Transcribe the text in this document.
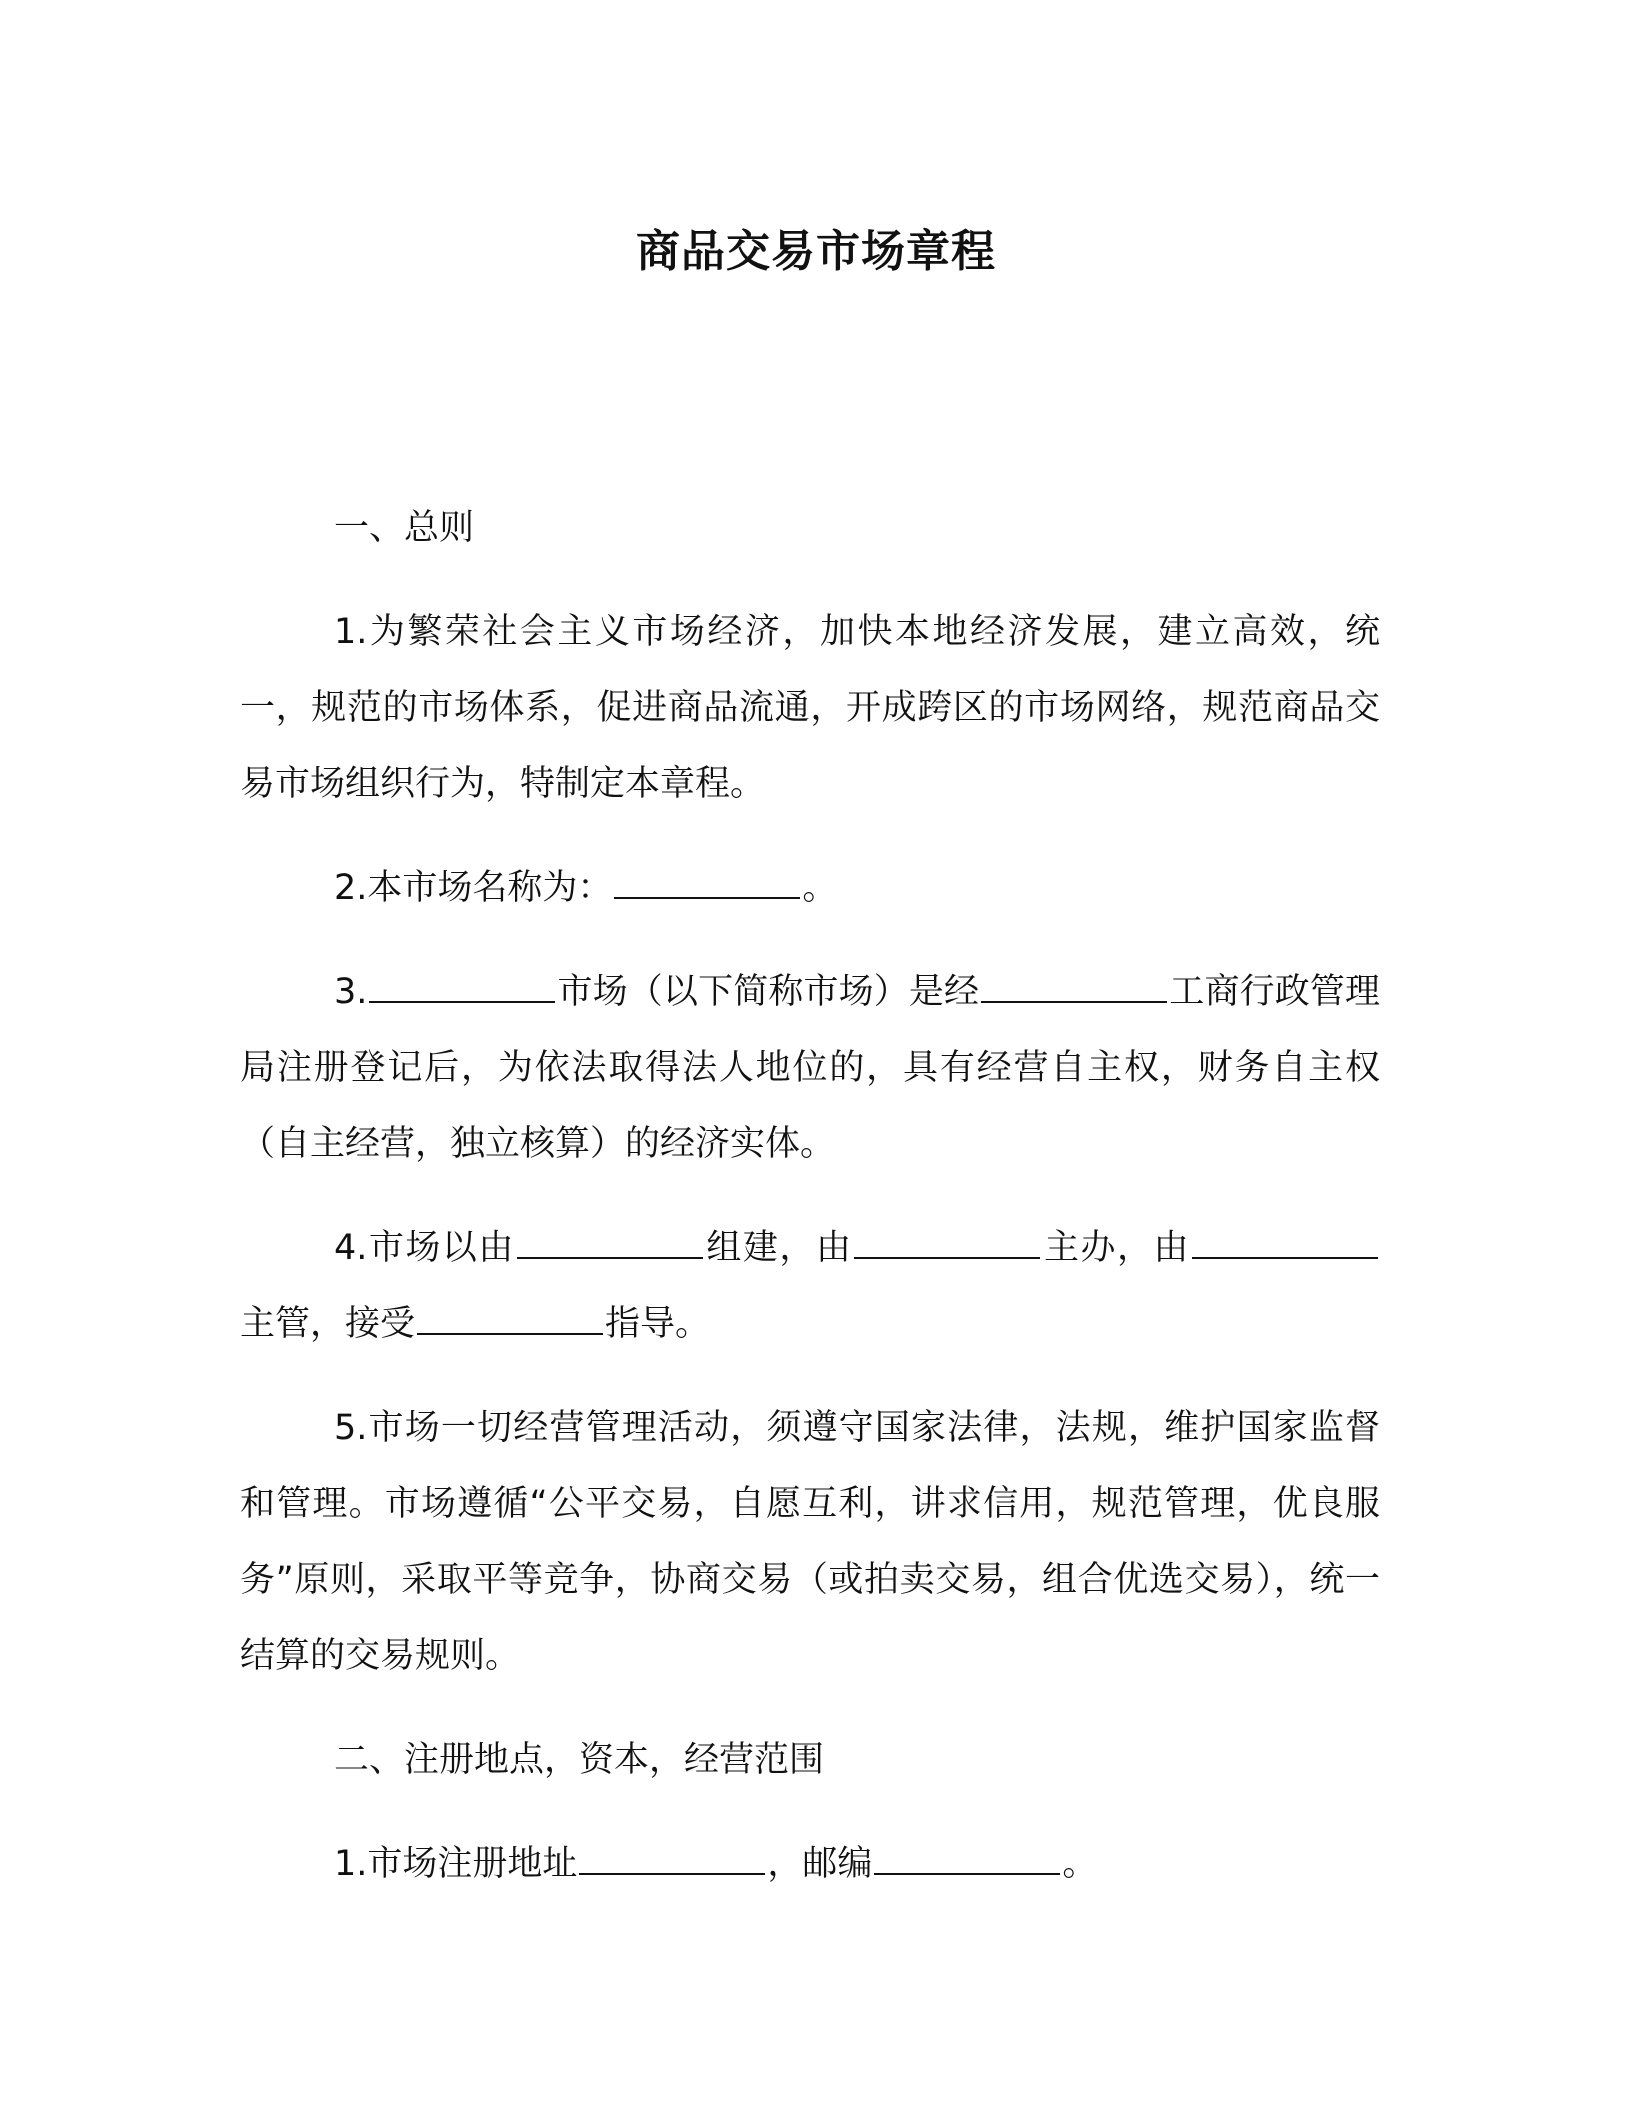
商品交易市场章程
一、总则

1.为繁荣社会主义市场经济，加快本地经济发展，建立高效，统一，规范的市场体系，促进商品流通，开成跨区的市场网络，规范商品交易市场组织行为，特制定本章程。

2.本市场名称为：	。

3.	市场（以下简称市场）是经	工商行政管理局注册登记后，为依法取得法人地位的，具有经营自主权，财务自主权（自主经营，独立核算）的经济实体。

4.市场以由	组建，由	主办，由主管，接受	指导。

5.市场一切经营管理活动，须遵守国家法律，法规，维护国家监督和管理。市场遵循“公平交易，自愿互利，讲求信用，规范管理，优良服务”原则，采取平等竞争，协商交易（或拍卖交易，组合优选交易），统一结算的交易规则。

二、注册地点，资本，经营范围

1.市场注册地址	，邮编	。
